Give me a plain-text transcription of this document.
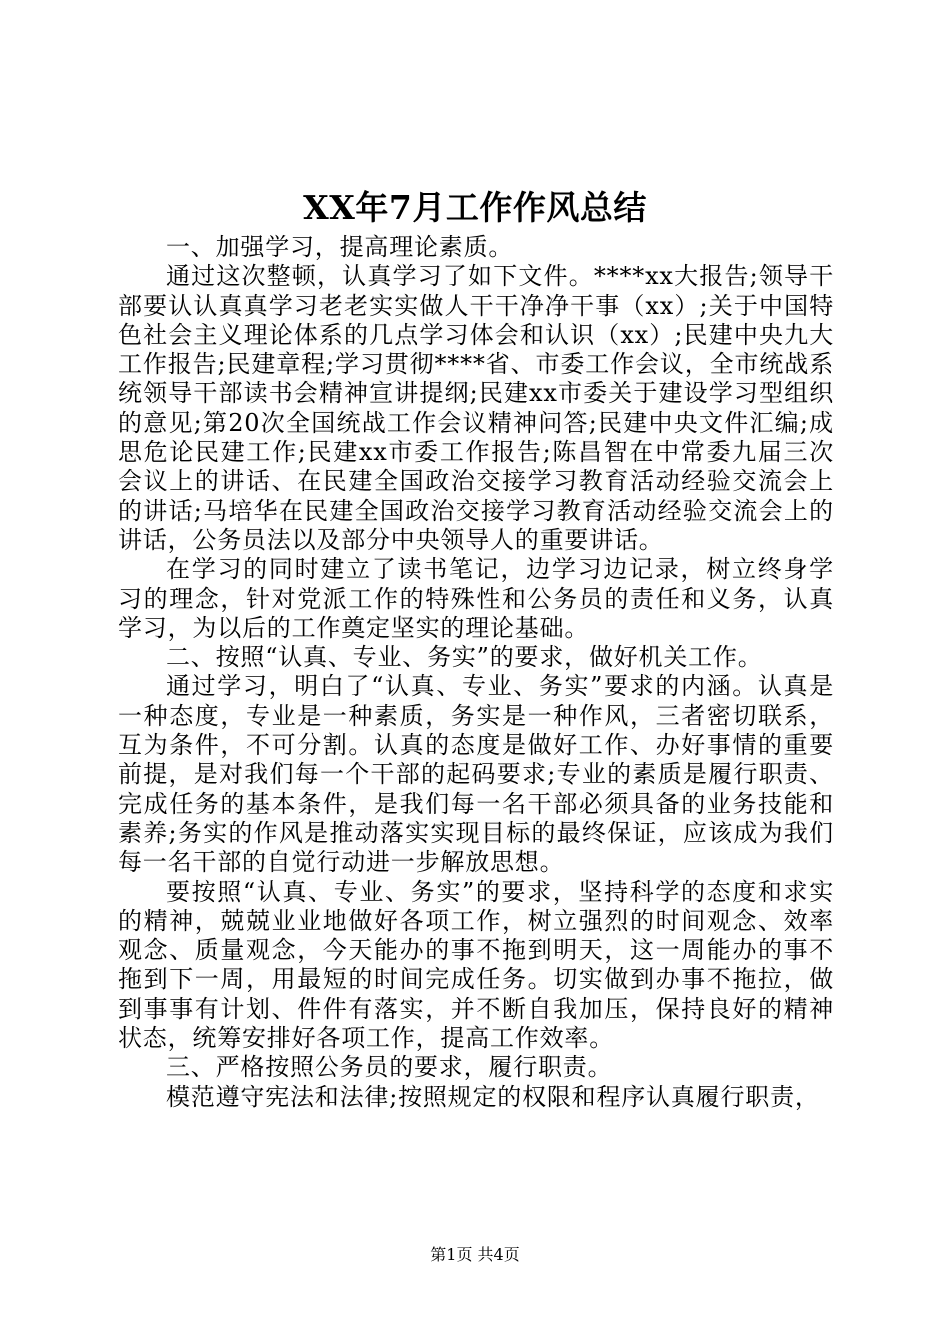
XX年7月工作作风总结

一、加强学习，提高理论素质。

通过这次整顿，认真学习了如下文件。****xx大报告;领导干部要认认真真学习老老实实做人干干净净干事（xx）;关于中国特色社会主义理论体系的几点学习体会和认识（xx）;民建中央九大工作报告;民建章程;学习贯彻****省、市委工作会议，全市统战系统领导干部读书会精神宣讲提纲;民建xx市委关于建设学习型组织的意见;第20次全国统战工作会议精神问答;民建中央文件汇编;成思危论民建工作;民建xx市委工作报告;陈昌智在中常委九届三次会议上的讲话、在民建全国政治交接学习教育活动经验交流会上的讲话;马培华在民建全国政治交接学习教育活动经验交流会上的讲话，公务员法以及部分中央领导人的重要讲话。

在学习的同时建立了读书笔记，边学习边记录，树立终身学习的理念，针对党派工作的特殊性和公务员的责任和义务，认真学习，为以后的工作奠定坚实的理论基础。

二、按照“认真、专业、务实”的要求，做好机关工作。

通过学习，明白了“认真、专业、务实”要求的内涵。认真是一种态度，专业是一种素质，务实是一种作风，三者密切联系，互为条件，不可分割。认真的态度是做好工作、办好事情的重要前提，是对我们每一个干部的起码要求;专业的素质是履行职责、完成任务的基本条件，是我们每一名干部必须具备的业务技能和素养;务实的作风是推动落实实现目标的最终保证，应该成为我们每一名干部的自觉行动进一步解放思想。

要按照“认真、专业、务实”的要求，坚持科学的态度和求实的精神，兢兢业业地做好各项工作，树立强烈的时间观念、效率观念、质量观念，今天能办的事不拖到明天，这一周能办的事不拖到下一周，用最短的时间完成任务。切实做到办事不拖拉，做到事事有计划、件件有落实，并不断自我加压，保持良好的精神状态，统筹安排好各项工作，提高工作效率。

三、严格按照公务员的要求，履行职责。

模范遵守宪法和法律;按照规定的权限和程序认真履行职责，

第1页 共4页
